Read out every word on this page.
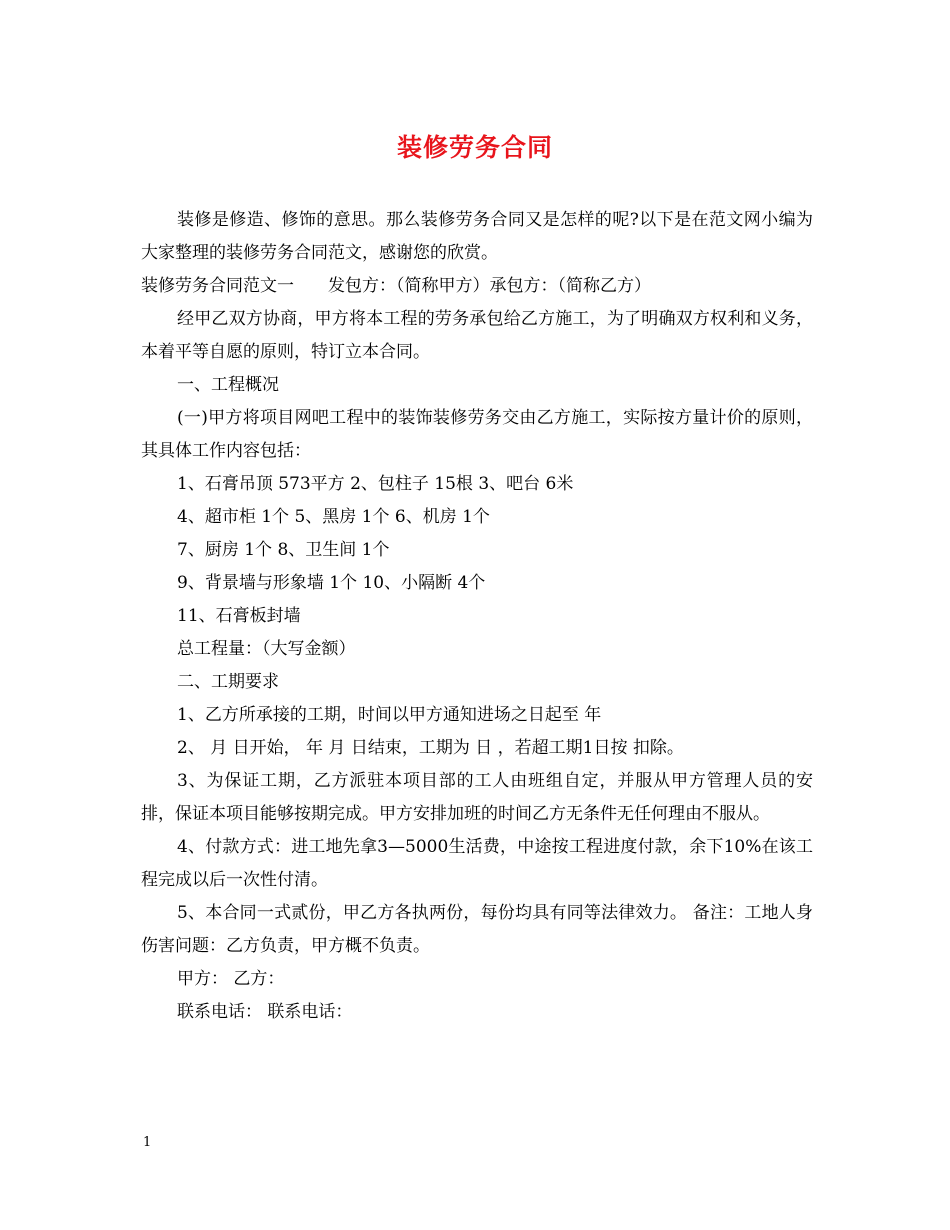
装修劳务合同

装修是修造、修饰的意思。那么装修劳务合同又是怎样的呢?以下是在范文网小编为大家整理的装修劳务合同范文，感谢您的欣赏。

装修劳务合同范文一　　发包方：（简称甲方）承包方：（简称乙方）

经甲乙双方协商，甲方将本工程的劳务承包给乙方施工，为了明确双方权利和义务，本着平等自愿的原则，特订立本合同。

一、工程概况

(一)甲方将项目网吧工程中的装饰装修劳务交由乙方施工，实际按方量计价的原则，其具体工作内容包括：

1、石膏吊顶 573平方 2、包柱子 15根 3、吧台 6米

4、超市柜 1个 5、黑房 1个 6、机房 1个

7、厨房 1个 8、卫生间 1个

9、背景墙与形象墙 1个 10、小隔断 4个

11、石膏板封墙

总工程量：（大写金额）

二、工期要求

1、乙方所承接的工期，时间以甲方通知进场之日起至 年

2、 月 日开始， 年 月 日结束，工期为 日 ，若超工期1日按 扣除。

3、为保证工期，乙方派驻本项目部的工人由班组自定，并服从甲方管理人员的安排，保证本项目能够按期完成。甲方安排加班的时间乙方无条件无任何理由不服从。

4、付款方式：进工地先拿3—5000生活费，中途按工程进度付款，余下10%在该工程完成以后一次性付清。

5、本合同一式贰份，甲乙方各执两份，每份均具有同等法律效力。 备注：工地人身伤害问题：乙方负责，甲方概不负责。

甲方： 乙方：

联系电话： 联系电话：

1
